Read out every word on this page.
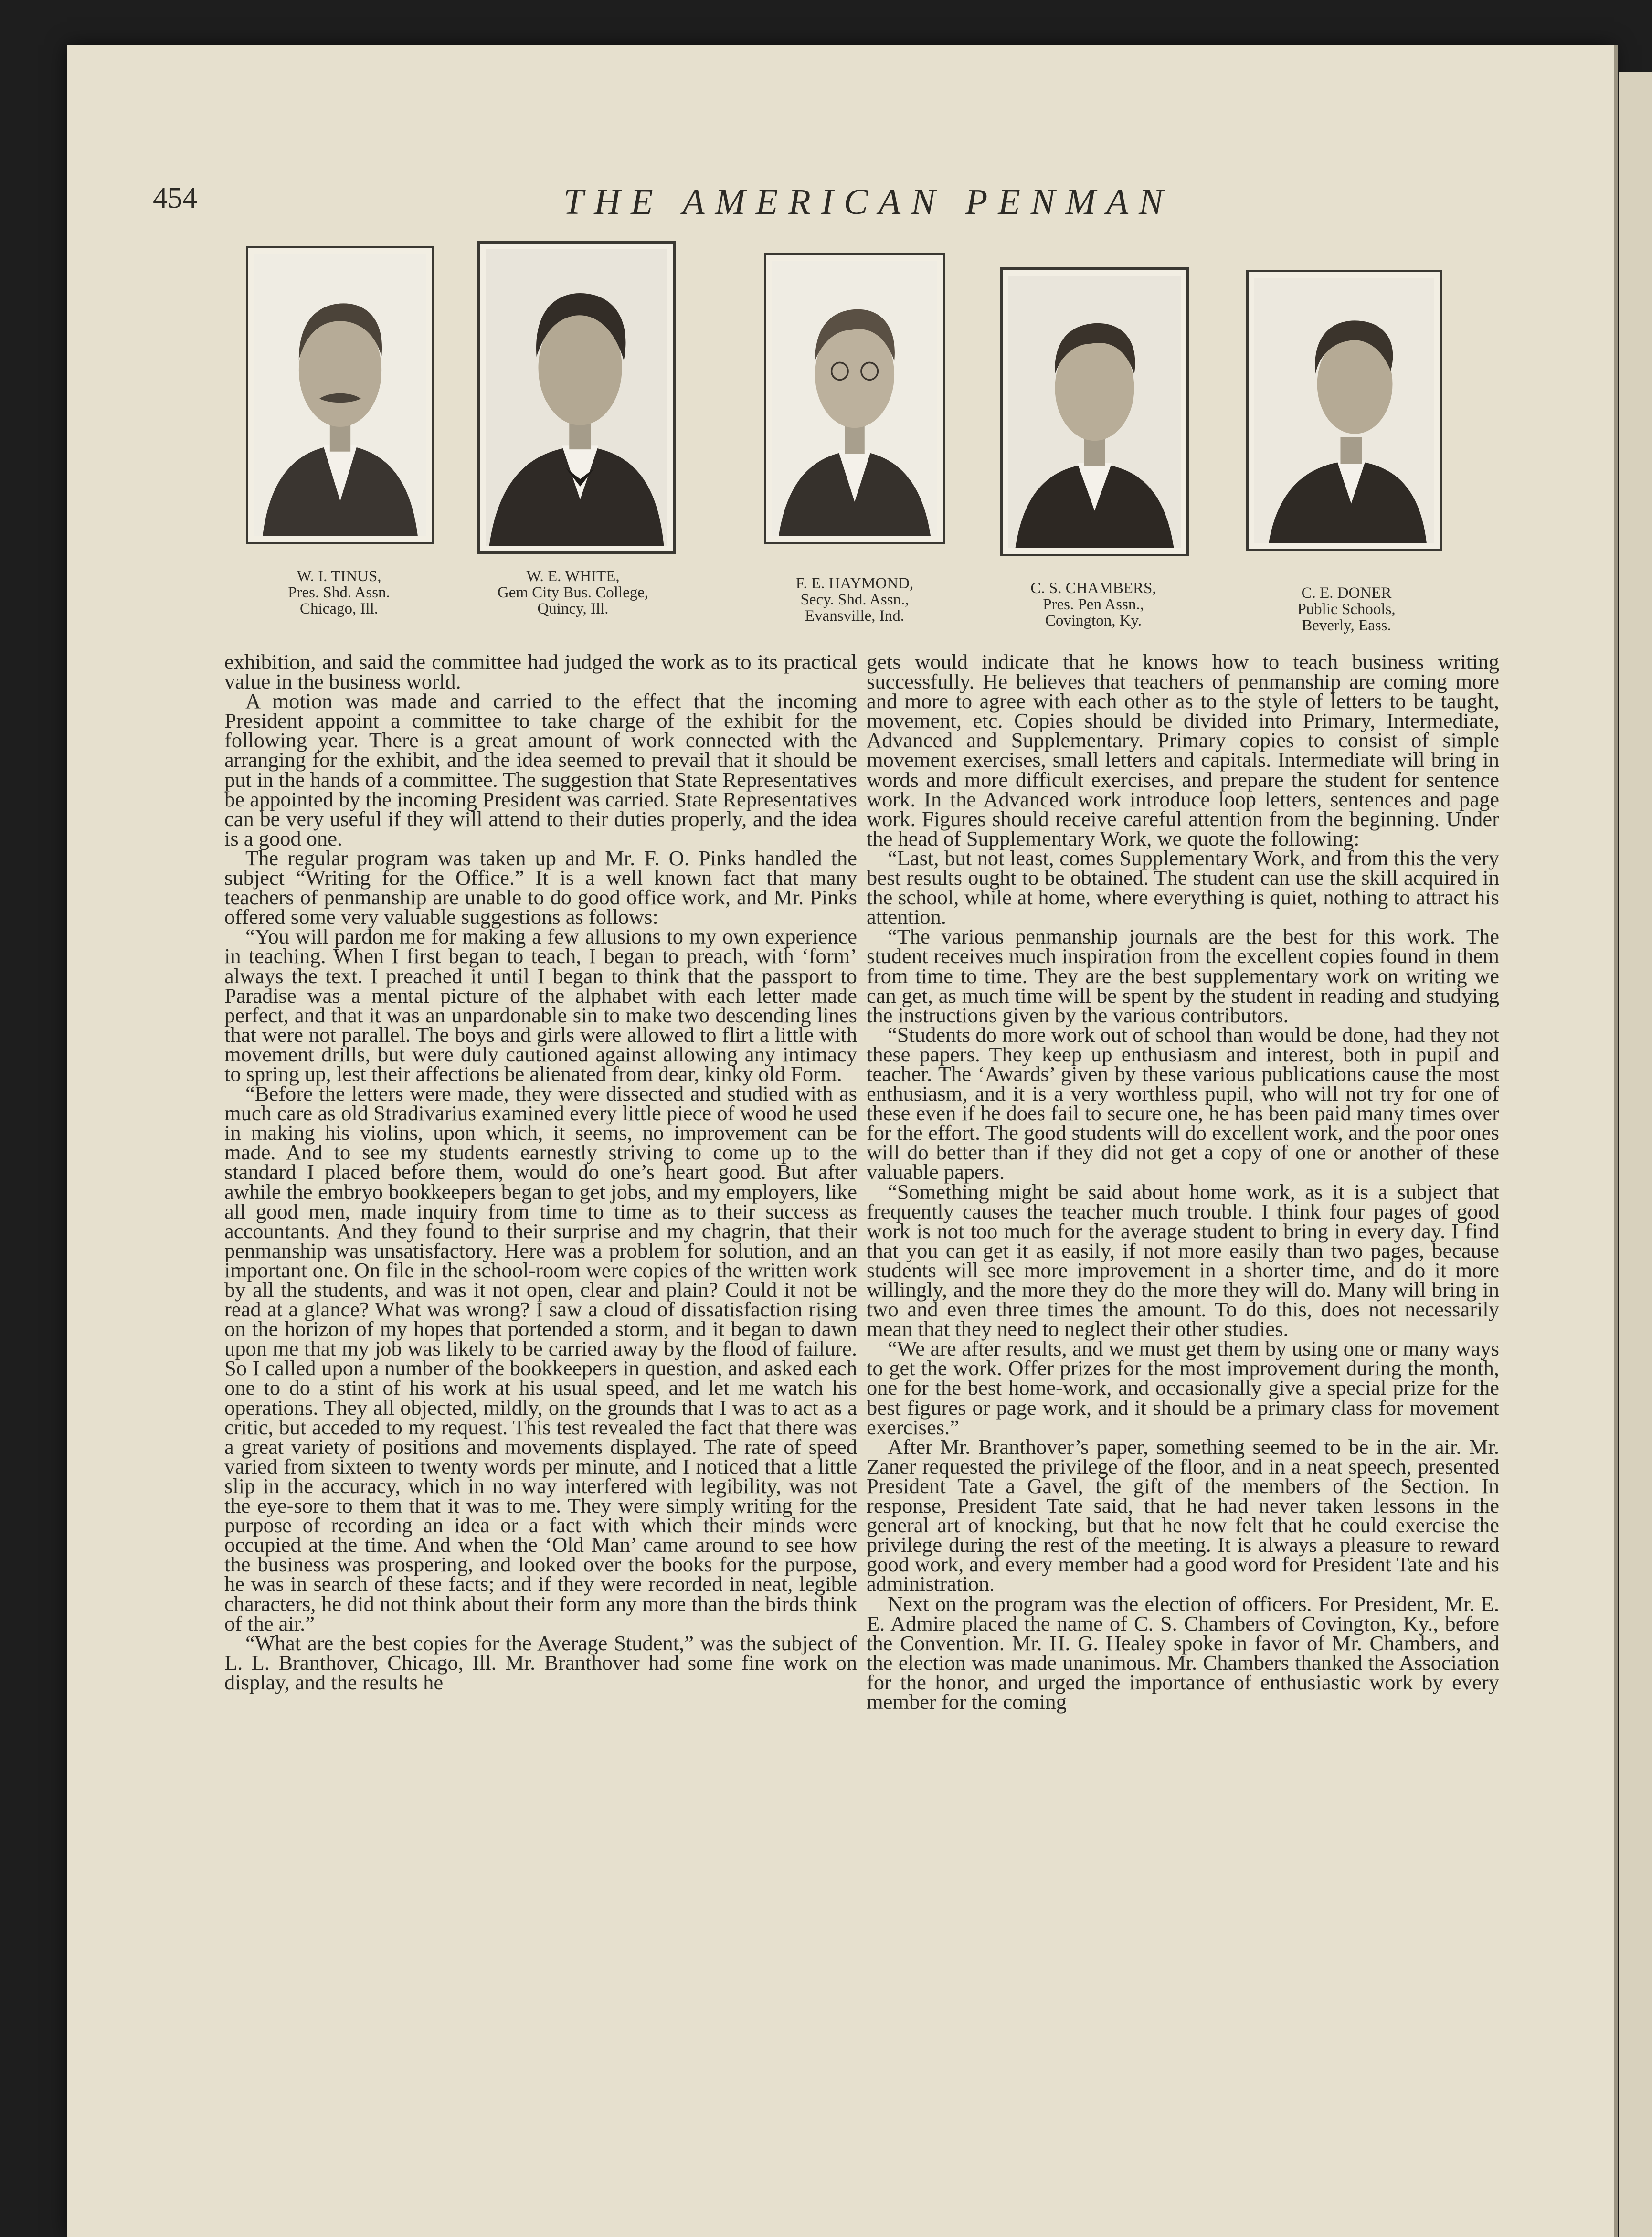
454	THE AMERICAN PENMAN
W. I. TINUS,
Pres. Shd. Assn.
Chicago, Ill.
W. E. WHITE,
Gem City Bus. College,
Quincy, Ill.
F. E. HAYMOND,
Secy. Shd. Assn.,
Evansville, Ind.
C. S. CHAMBERS,
Pres. Pen Assn.,
Covington, Ky.
C. E. DONER
Public Schools,
Beverly, Eass.

exhibition, and said the committee had judged the work as to its practical value in the business world.

A motion was made and carried to the effect that the incoming President appoint a committee to take charge of the exhibit for the following year. There is a great amount of work connected with the arranging for the exhibit, and the idea seemed to prevail that it should be put in the hands of a committee. The suggestion that State Representatives be appointed by the incoming President was carried. State Representatives can be very useful if they will attend to their duties properly, and the idea is a good one.

The regular program was taken up and Mr. F. O. Pinks handled the subject “Writing for the Office.” It is a well known fact that many teachers of penmanship are unable to do good office work, and Mr. Pinks offered some very valuable suggestions as follows:

“You will pardon me for making a few allusions to my own experience in teaching. When I first began to teach, I began to preach, with ‘form’ always the text. I preached it until I began to think that the passport to Paradise was a mental picture of the alphabet with each letter made perfect, and that it was an unpardonable sin to make two descending lines that were not parallel. The boys and girls were allowed to flirt a little with movement drills, but were duly cautioned against allowing any intimacy to spring up, lest their affections be alienated from dear, kinky old Form.

“Before the letters were made, they were dissected and studied with as much care as old Stradivarius examined every little piece of wood he used in making his violins, upon which, it seems, no improvement can be made. And to see my students earnestly striving to come up to the standard I placed before them, would do one’s heart good. But after awhile the embryo bookkeepers began to get jobs, and my employers, like all good men, made inquiry from time to time as to their success as accountants. And they found to their surprise and my chagrin, that their penmanship was unsatisfactory. Here was a problem for solution, and an important one. On file in the school-room were copies of the written work by all the students, and was it not open, clear and plain? Could it not be read at a glance? What was wrong? I saw a cloud of dissatisfaction rising on the horizon of my hopes that portended a storm, and it began to dawn upon me that my job was likely to be carried away by the flood of failure. So I called upon a number of the bookkeepers in question, and asked each one to do a stint of his work at his usual speed, and let me watch his operations. They all objected, mildly, on the grounds that I was to act as a critic, but acceded to my request. This test revealed the fact that there was a great variety of positions and movements displayed. The rate of speed varied from sixteen to twenty words per minute, and I noticed that a little slip in the accuracy, which in no way interfered with legibility, was not the eye-sore to them that it was to me. They were simply writing for the purpose of recording an idea or a fact with which their minds were occupied at the time. And when the ‘Old Man’ came around to see how the business was prospering, and looked over the books for the purpose, he was in search of these facts; and if they were recorded in neat, legible characters, he did not think about their form any more than the birds think of the air.”

“What are the best copies for the Average Student,” was the subject of L. L. Branthover, Chicago, Ill. Mr. Branthover had some fine work on display, and the results he

gets would indicate that he knows how to teach business writing successfully. He believes that teachers of penmanship are coming more and more to agree with each other as to the style of letters to be taught, movement, etc. Copies should be divided into Primary, Intermediate, Advanced and Supplementary. Primary copies to consist of simple movement exercises, small letters and capitals. Intermediate will bring in words and more difficult exercises, and prepare the student for sentence work. In the Advanced work introduce loop letters, sentences and page work. Figures should receive careful attention from the beginning. Under the head of Supplementary Work, we quote the following:

“Last, but not least, comes Supplementary Work, and from this the very best results ought to be obtained. The student can use the skill acquired in the school, while at home, where everything is quiet, nothing to attract his attention.

“The various penmanship journals are the best for this work. The student receives much inspiration from the excellent copies found in them from time to time. They are the best supplementary work on writing we can get, as much time will be spent by the student in reading and studying the instructions given by the various contributors.

“Students do more work out of school than would be done, had they not these papers. They keep up enthusiasm and interest, both in pupil and teacher. The ‘Awards’ given by these various publications cause the most enthusiasm, and it is a very worthless pupil, who will not try for one of these even if he does fail to secure one, he has been paid many times over for the effort. The good students will do excellent work, and the poor ones will do better than if they did not get a copy of one or another of these valuable papers.

“Something might be said about home work, as it is a subject that frequently causes the teacher much trouble. I think four pages of good work is not too much for the average student to bring in every day. I find that you can get it as easily, if not more easily than two pages, because students will see more improvement in a shorter time, and do it more willingly, and the more they do the more they will do. Many will bring in two and even three times the amount. To do this, does not necessarily mean that they need to neglect their other studies.

“We are after results, and we must get them by using one or many ways to get the work. Offer prizes for the most improvement during the month, one for the best home-work, and occasionally give a special prize for the best figures or page work, and it should be a primary class for movement exercises.”

After Mr. Branthover’s paper, something seemed to be in the air. Mr. Zaner requested the privilege of the floor, and in a neat speech, presented President Tate a Gavel, the gift of the members of the Section. In response, President Tate said, that he had never taken lessons in the general art of knocking, but that he now felt that he could exercise the privilege during the rest of the meeting. It is always a pleasure to reward good work, and every member had a good word for President Tate and his administration.

Next on the program was the election of officers. For President, Mr. E. E. Admire placed the name of C. S. Chambers of Covington, Ky., before the Convention. Mr. H. G. Healey spoke in favor of Mr. Chambers, and the election was made unanimous. Mr. Chambers thanked the Association for the honor, and urged the importance of enthusiastic work by every member for the coming
